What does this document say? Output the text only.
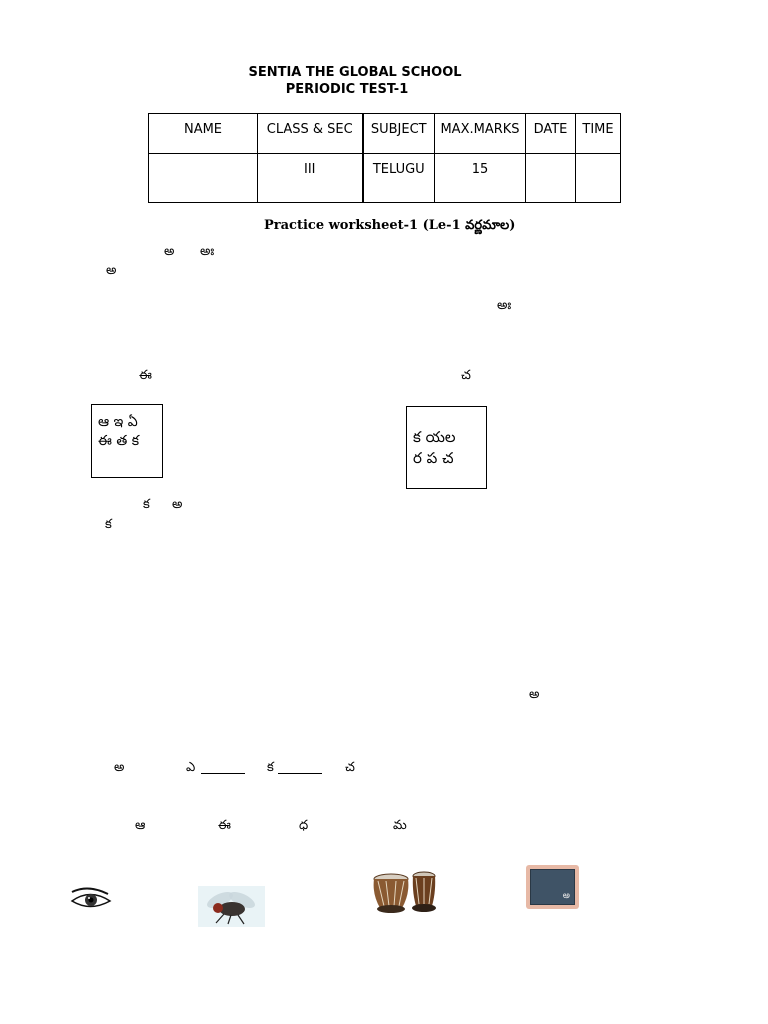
SENTIA THE GLOBAL SCHOOL
PERIODIC TEST-1
NAME	CLASS & SEC	SUBJECT	MAX.MARKS	DATE	TIME
	III	TELUGU	15		
Practice worksheet-1 (Le-1 వర్ణమాల)
అ అః
అ
అః
ఈ	చ
ఆ ఇ ఏ
ఈ త క	క యల
ర ప చ
క అ
క
అ
అ	ఎ	క	చ
ఆ	ఈ	ధ	మ
అ
